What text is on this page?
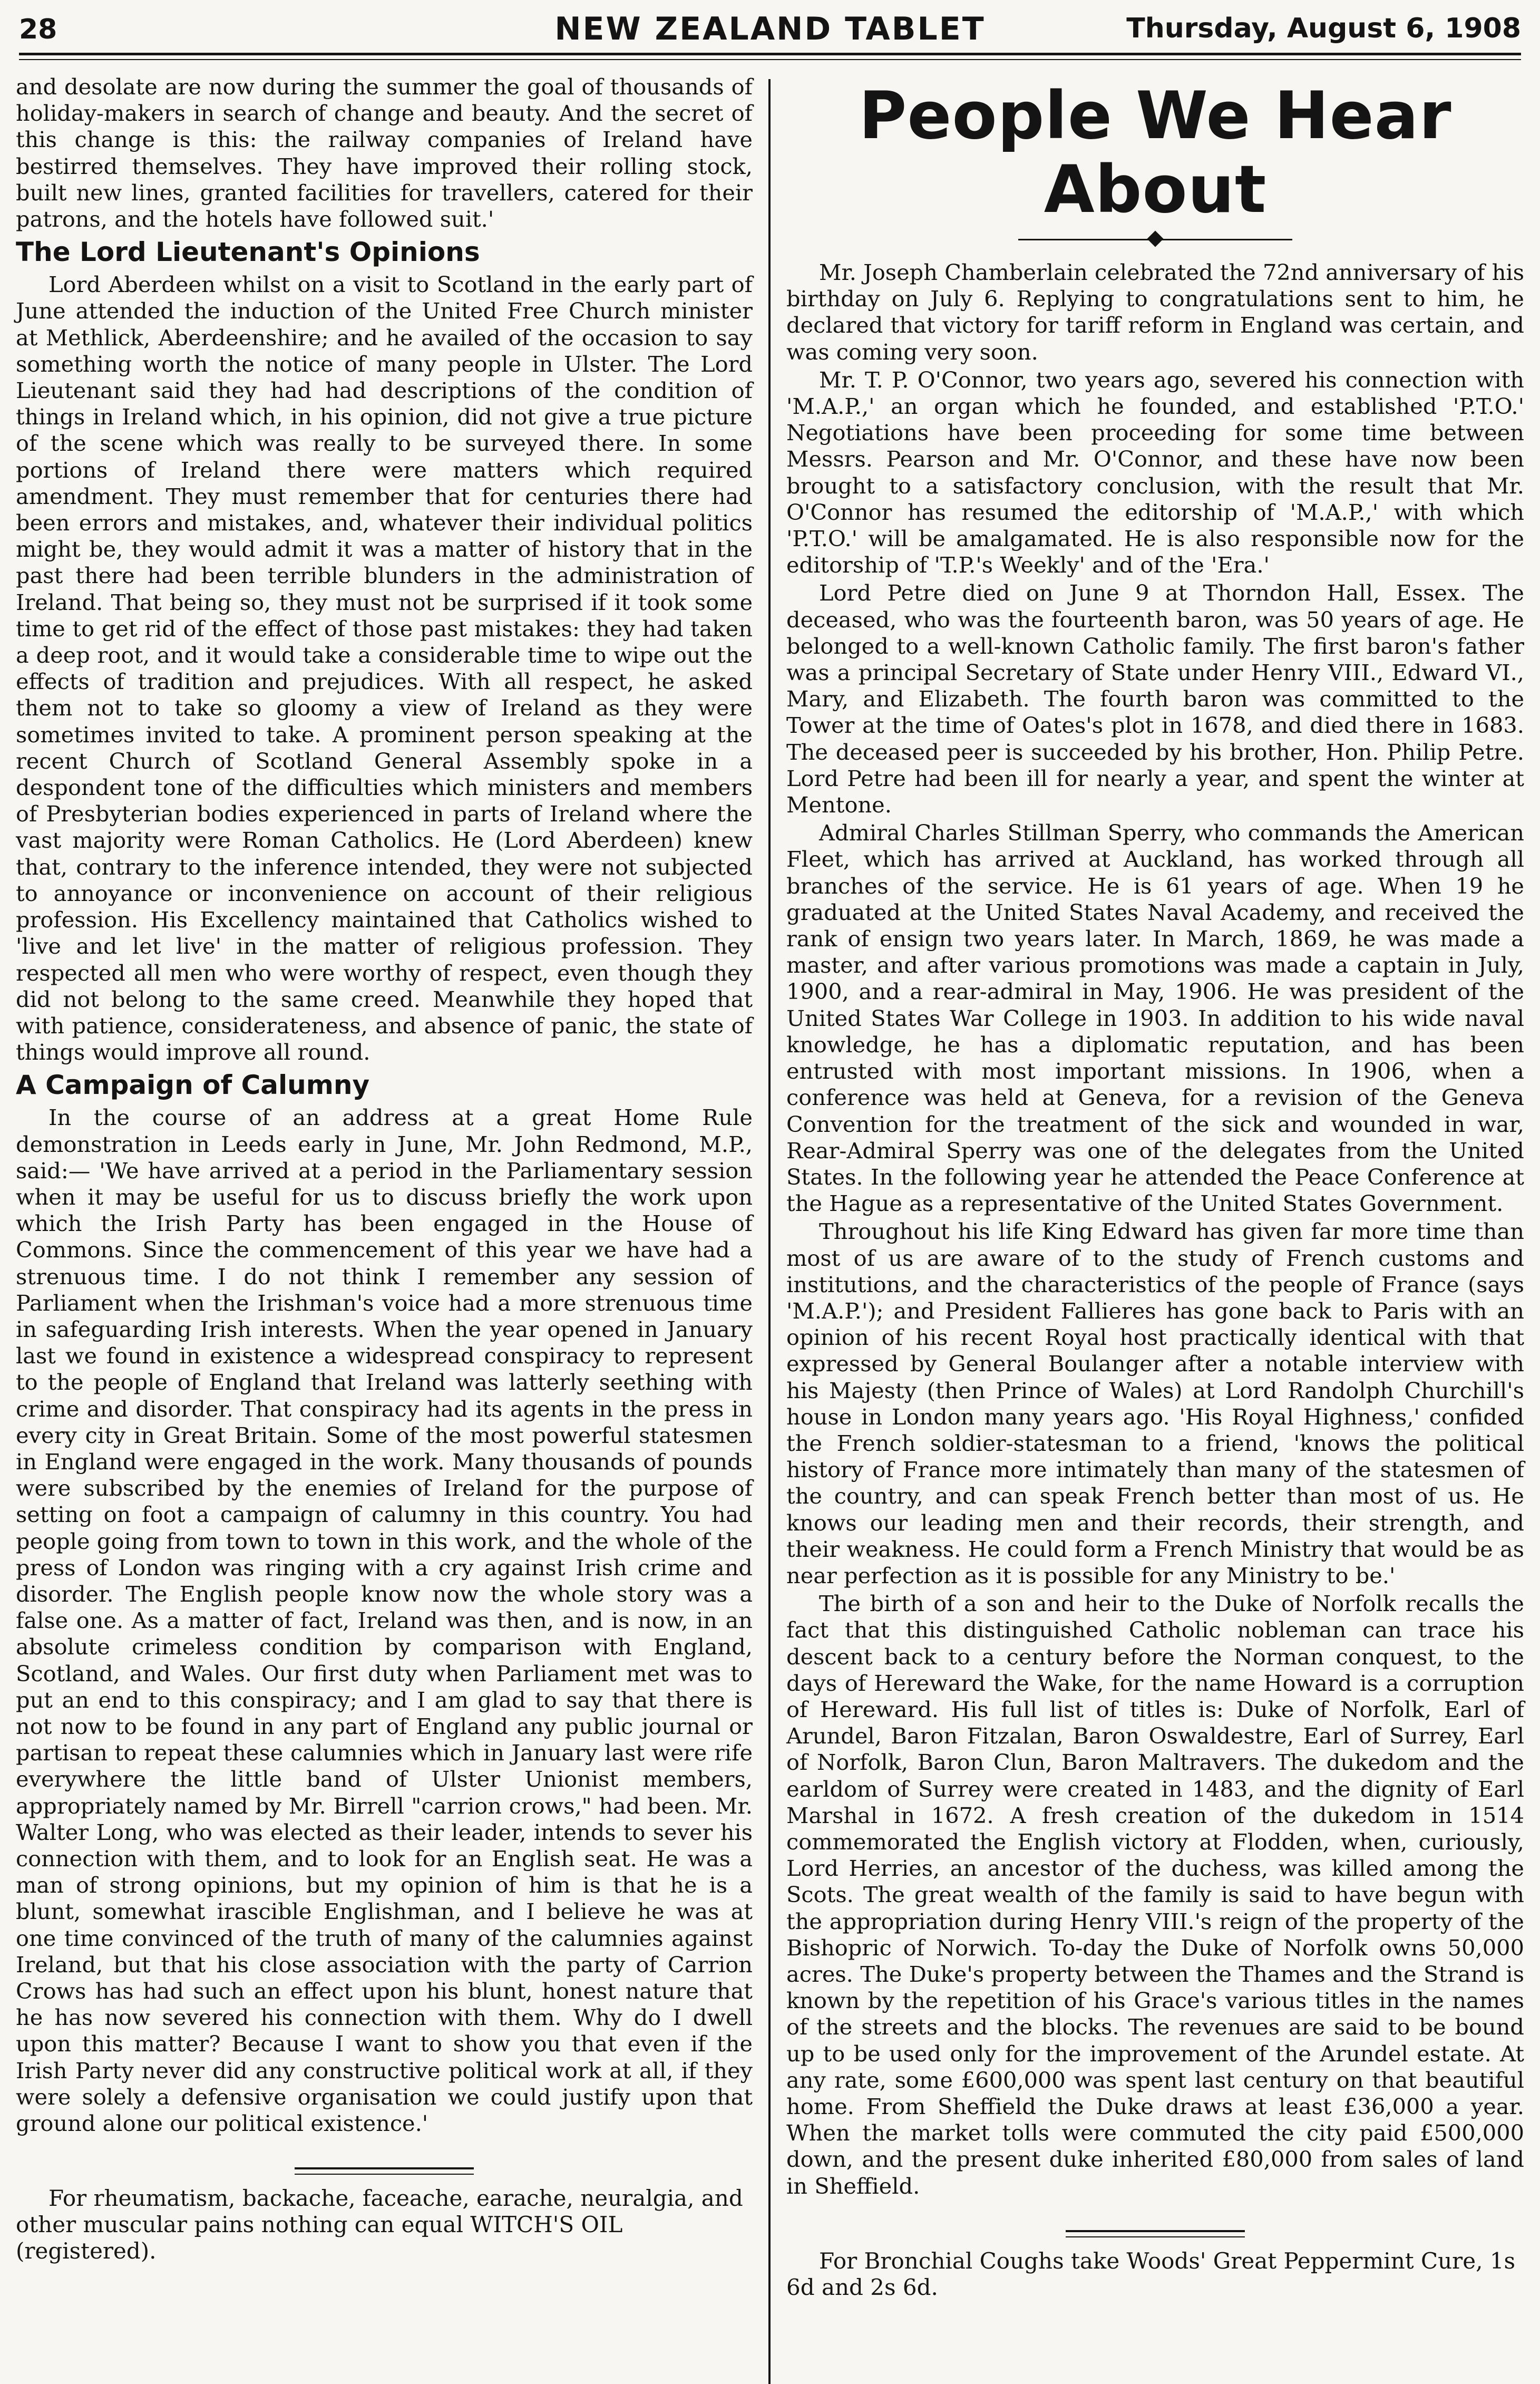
28	NEW ZEALAND TABLET	Thursday, August 6, 1908

and desolate are now during the summer the goal of thousands of holiday-makers in search of change and beauty. And the secret of this change is this: the railway companies of Ireland have bestirred themselves. They have improved their rolling stock, built new lines, granted facilities for travellers, catered for their patrons, and the hotels have followed suit.'

The Lord Lieutenant's Opinions

Lord Aberdeen whilst on a visit to Scotland in the early part of June attended the induction of the United Free Church minister at Methlick, Aberdeenshire; and he availed of the occasion to say something worth the notice of many people in Ulster. The Lord Lieutenant said they had had descriptions of the condition of things in Ireland which, in his opinion, did not give a true picture of the scene which was really to be surveyed there. In some portions of Ireland there were matters which required amendment. They must remember that for centuries there had been errors and mistakes, and, whatever their individual politics might be, they would admit it was a matter of history that in the past there had been terrible blunders in the administration of Ireland. That being so, they must not be surprised if it took some time to get rid of the effect of those past mistakes: they had taken a deep root, and it would take a considerable time to wipe out the effects of tradition and prejudices. With all respect, he asked them not to take so gloomy a view of Ireland as they were sometimes invited to take. A prominent person speaking at the recent Church of Scotland General Assembly spoke in a despondent tone of the difficulties which ministers and members of Presbyterian bodies experienced in parts of Ireland where the vast majority were Roman Catholics. He (Lord Aberdeen) knew that, contrary to the inference intended, they were not subjected to annoyance or inconvenience on account of their religious profession. His Excellency maintained that Catholics wished to 'live and let live' in the matter of religious profession. They respected all men who were worthy of respect, even though they did not belong to the same creed. Meanwhile they hoped that with patience, considerateness, and absence of panic, the state of things would improve all round.

A Campaign of Calumny

In the course of an address at a great Home Rule demonstration in Leeds early in June, Mr. John Redmond, M.P., said:— 'We have arrived at a period in the Parliamentary session when it may be useful for us to discuss briefly the work upon which the Irish Party has been engaged in the House of Commons. Since the commencement of this year we have had a strenuous time. I do not think I remember any session of Parliament when the Irishman's voice had a more strenuous time in safeguarding Irish interests. When the year opened in January last we found in existence a widespread conspiracy to represent to the people of England that Ireland was latterly seething with crime and disorder. That conspiracy had its agents in the press in every city in Great Britain. Some of the most powerful statesmen in England were engaged in the work. Many thousands of pounds were subscribed by the enemies of Ireland for the purpose of setting on foot a campaign of calumny in this country. You had people going from town to town in this work, and the whole of the press of London was ringing with a cry against Irish crime and disorder. The English people know now the whole story was a false one. As a matter of fact, Ireland was then, and is now, in an absolute crimeless condition by comparison with England, Scotland, and Wales. Our first duty when Parliament met was to put an end to this conspiracy; and I am glad to say that there is not now to be found in any part of England any public journal or partisan to repeat these calumnies which in January last were rife everywhere the little band of Ulster Unionist members, appropriately named by Mr. Birrell "carrion crows," had been. Mr. Walter Long, who was elected as their leader, intends to sever his connection with them, and to look for an English seat. He was a man of strong opinions, but my opinion of him is that he is a blunt, somewhat irascible Englishman, and I believe he was at one time convinced of the truth of many of the calumnies against Ireland, but that his close association with the party of Carrion Crows has had such an effect upon his blunt, honest nature that he has now severed his connection with them. Why do I dwell upon this matter? Because I want to show you that even if the Irish Party never did any constructive political work at all, if they were solely a defensive organisation we could justify upon that ground alone our political existence.'

For rheumatism, backache, faceache, earache, neuralgia, and other muscular pains nothing can equal WITCH'S OIL (registered).

People We Hear About

Mr. Joseph Chamberlain celebrated the 72nd anniversary of his birthday on July 6. Replying to congratulations sent to him, he declared that victory for tariff reform in England was certain, and was coming very soon.

Mr. T. P. O'Connor, two years ago, severed his connection with 'M.A.P.,' an organ which he founded, and established 'P.T.O.' Negotiations have been proceeding for some time between Messrs. Pearson and Mr. O'Connor, and these have now been brought to a satisfactory conclusion, with the result that Mr. O'Connor has resumed the editorship of 'M.A.P.,' with which 'P.T.O.' will be amalgamated. He is also responsible now for the editorship of 'T.P.'s Weekly' and of the 'Era.'

Lord Petre died on June 9 at Thorndon Hall, Essex. The deceased, who was the fourteenth baron, was 50 years of age. He belonged to a well-known Catholic family. The first baron's father was a principal Secretary of State under Henry VIII., Edward VI., Mary, and Elizabeth. The fourth baron was committed to the Tower at the time of Oates's plot in 1678, and died there in 1683. The deceased peer is succeeded by his brother, Hon. Philip Petre. Lord Petre had been ill for nearly a year, and spent the winter at Mentone.

Admiral Charles Stillman Sperry, who commands the American Fleet, which has arrived at Auckland, has worked through all branches of the service. He is 61 years of age. When 19 he graduated at the United States Naval Academy, and received the rank of ensign two years later. In March, 1869, he was made a master, and after various promotions was made a captain in July, 1900, and a rear-admiral in May, 1906. He was president of the United States War College in 1903. In addition to his wide naval knowledge, he has a diplomatic reputation, and has been entrusted with most important missions. In 1906, when a conference was held at Geneva, for a revision of the Geneva Convention for the treatment of the sick and wounded in war, Rear-Admiral Sperry was one of the delegates from the United States. In the following year he attended the Peace Conference at the Hague as a representative of the United States Government.

Throughout his life King Edward has given far more time than most of us are aware of to the study of French customs and institutions, and the characteristics of the people of France (says 'M.A.P.'); and President Fallieres has gone back to Paris with an opinion of his recent Royal host practically identical with that expressed by General Boulanger after a notable interview with his Majesty (then Prince of Wales) at Lord Randolph Churchill's house in London many years ago. 'His Royal Highness,' confided the French soldier-statesman to a friend, 'knows the political history of France more intimately than many of the statesmen of the country, and can speak French better than most of us. He knows our leading men and their records, their strength, and their weakness. He could form a French Ministry that would be as near perfection as it is possible for any Ministry to be.'

The birth of a son and heir to the Duke of Norfolk recalls the fact that this distinguished Catholic nobleman can trace his descent back to a century before the Norman conquest, to the days of Hereward the Wake, for the name Howard is a corruption of Hereward. His full list of titles is: Duke of Norfolk, Earl of Arundel, Baron Fitzalan, Baron Oswaldestre, Earl of Surrey, Earl of Norfolk, Baron Clun, Baron Maltravers. The dukedom and the earldom of Surrey were created in 1483, and the dignity of Earl Marshal in 1672. A fresh creation of the dukedom in 1514 commemorated the English victory at Flodden, when, curiously, Lord Herries, an ancestor of the duchess, was killed among the Scots. The great wealth of the family is said to have begun with the appropriation during Henry VIII.'s reign of the property of the Bishopric of Norwich. To-day the Duke of Norfolk owns 50,000 acres. The Duke's property between the Thames and the Strand is known by the repetition of his Grace's various titles in the names of the streets and the blocks. The revenues are said to be bound up to be used only for the improvement of the Arundel estate. At any rate, some £600,000 was spent last century on that beautiful home. From Sheffield the Duke draws at least £36,000 a year. When the market tolls were commuted the city paid £500,000 down, and the present duke inherited £80,000 from sales of land in Sheffield.

For Bronchial Coughs take Woods' Great Peppermint Cure, 1s 6d and 2s 6d.
